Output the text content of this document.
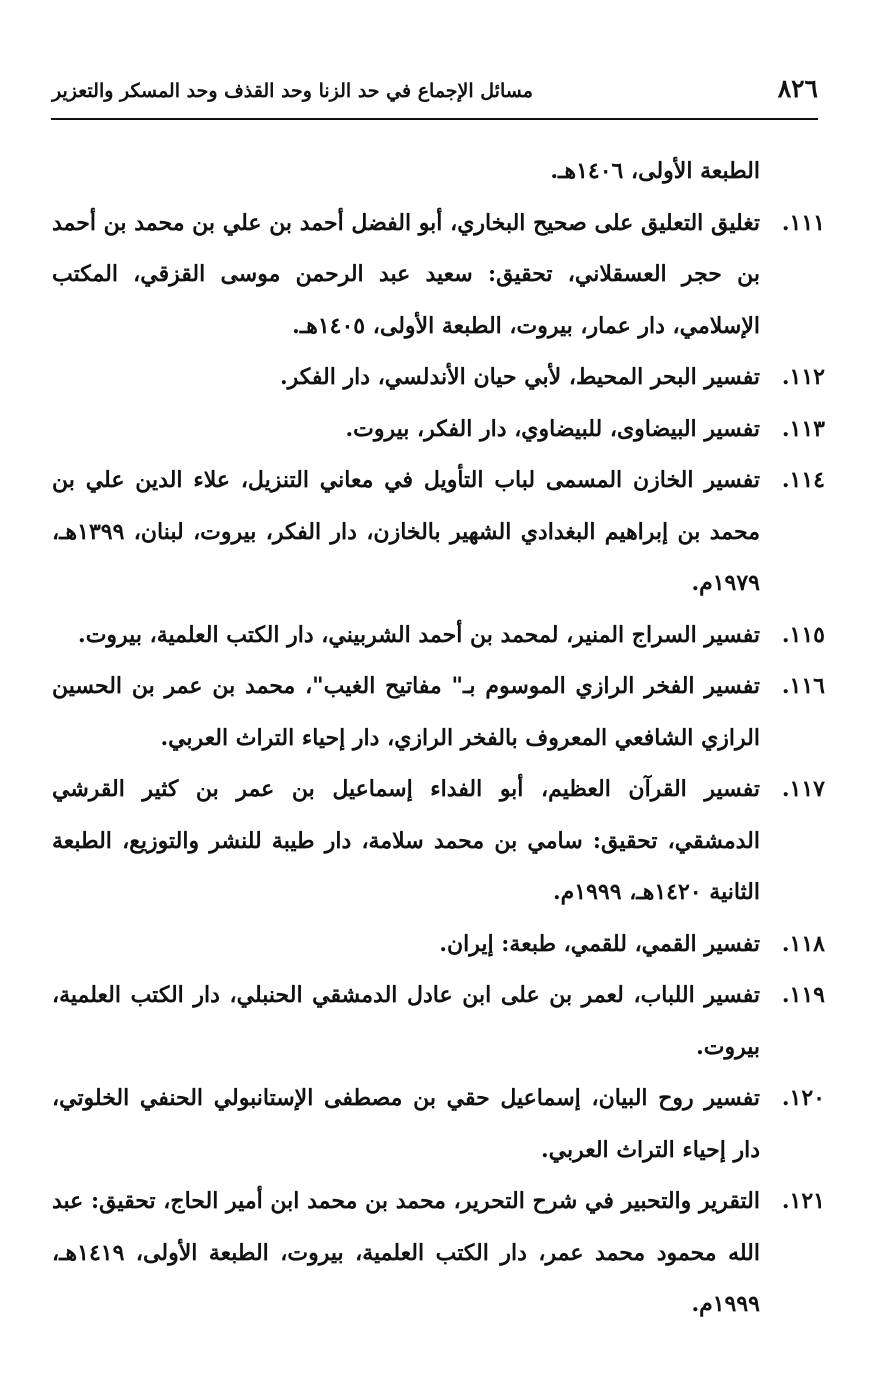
٨٢٦
مسائل الإجماع في حد الزنا وحد القذف وحد المسكر والتعزير

الطبعة الأولى، ١٤٠٦هـ.

١١١.
تغليق التعليق على صحيح البخاري، أبو الفضل أحمد بن علي بن محمد بن أحمد بن حجر العسقلاني، تحقيق: سعيد عبد الرحمن موسى القزقي، المكتب الإسلامي، دار عمار، بيروت، الطبعة الأولى، ١٤٠٥هـ.
١١٢.
تفسير البحر المحيط، لأبي حيان الأندلسي، دار الفكر.
١١٣.
تفسير البيضاوى، للبيضاوي، دار الفكر، بيروت.
١١٤.
تفسير الخازن المسمى لباب التأويل في معاني التنزيل، علاء الدين علي بن محمد بن إبراهيم البغدادي الشهير بالخازن، دار الفكر، بيروت، لبنان، ١٣٩٩هـ، ١٩٧٩م.
١١٥.
تفسير السراج المنير، لمحمد بن أحمد الشربيني، دار الكتب العلمية، بيروت.
١١٦.
تفسير الفخر الرازي الموسوم بـ" مفاتيح الغيب"، محمد بن عمر بن الحسين الرازي الشافعي المعروف بالفخر الرازي، دار إحياء التراث العربي.
١١٧.
تفسير القرآن العظيم، أبو الفداء إسماعيل بن عمر بن كثير القرشي الدمشقي، تحقيق: سامي بن محمد سلامة، دار طيبة للنشر والتوزيع، الطبعة الثانية ١٤٢٠هـ، ١٩٩٩م.
١١٨.
تفسير القمي، للقمي، طبعة: إيران.
١١٩.
تفسير اللباب، لعمر بن على ابن عادل الدمشقي الحنبلي، دار الكتب العلمية، بيروت.
١٢٠.
تفسير روح البيان، إسماعيل حقي بن مصطفى الإستانبولي الحنفي الخلوتي، دار إحياء التراث العربي.
١٢١.
التقرير والتحبير في شرح التحرير، محمد بن محمد ابن أمير الحاج، تحقيق: عبد الله محمود محمد عمر، دار الكتب العلمية، بيروت، الطبعة الأولى، ١٤١٩هـ، ١٩٩٩م.
